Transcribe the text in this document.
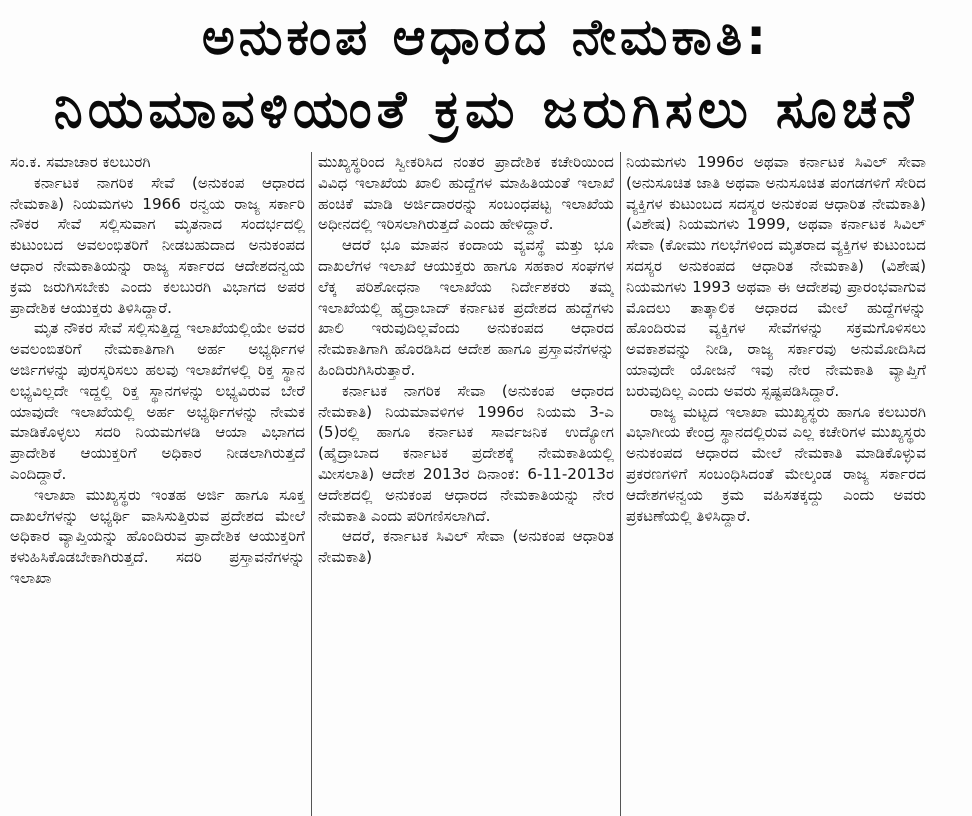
ಅನುಕಂಪ ಆಧಾರದ ನೇಮಕಾತಿ:
ನಿಯಮಾವಳಿಯಂತೆ ಕ್ರಮ ಜರುಗಿಸಲು ಸೂಚನೆ
ಸಂ.ಕ. ಸಮಾಚಾರ ಕಲಬುರಗಿ

ಕರ್ನಾಟಕ ನಾಗರಿಕ ಸೇವೆ (ಅನುಕಂಪ ಆಧಾರದ ನೇಮಕಾತಿ) ನಿಯಮಗಳು 1966 ರನ್ವಯ ರಾಜ್ಯ ಸರ್ಕಾರಿ ನೌಕರ ಸೇವೆ ಸಲ್ಲಿಸುವಾಗ ಮೃತನಾದ ಸಂದರ್ಭದಲ್ಲಿ ಕುಟುಂಬದ ಅವಲಂಭಿತರಿಗೆ ನೀಡಬಹುದಾದ ಅನುಕಂಪದ ಆಧಾರ ನೇಮಕಾತಿಯನ್ನು ರಾಜ್ಯ ಸರ್ಕಾರದ ಆದೇಶದನ್ವಯ ಕ್ರಮ ಜರುಗಿಸಬೇಕು ಎಂದು ಕಲಬುರಗಿ ವಿಭಾಗದ ಅಪರ ಪ್ರಾದೇಶಿಕ ಆಯುಕ್ತರು ತಿಳಿಸಿದ್ದಾರೆ.

ಮೃತ ನೌಕರ ಸೇವೆ ಸಲ್ಲಿಸುತ್ತಿದ್ದ ಇಲಾಖೆಯಲ್ಲಿಯೇ ಅವರ ಅವಲಂಬಿತರಿಗೆ ನೇಮಕಾತಿಗಾಗಿ ಅರ್ಹ ಅಭ್ಯರ್ಥಿಗಳ ಅರ್ಜಿಗಳನ್ನು ಪುರಸ್ಕರಿಸಲು ಹಲವು ಇಲಾಖೆಗಳಲ್ಲಿ ರಿಕ್ತ ಸ್ಥಾನ ಲಭ್ಯವಿಲ್ಲದೇ ಇದ್ದಲ್ಲಿ ರಿಕ್ತ ಸ್ಥಾನಗಳನ್ನು ಲಭ್ಯವಿರುವ ಬೇರೆ ಯಾವುದೇ ಇಲಾಖೆಯಲ್ಲಿ ಅರ್ಹ ಅಭ್ಯರ್ಥಿಗಳನ್ನು ನೇಮಕ ಮಾಡಿಕೊಳ್ಳಲು ಸದರಿ ನಿಯಮಗಳಡಿ ಆಯಾ ವಿಭಾಗದ ಪ್ರಾದೇಶಿಕ ಆಯುಕ್ತರಿಗೆ ಅಧಿಕಾರ ನೀಡಲಾಗಿರುತ್ತದೆ ಎಂದಿದ್ದಾರೆ.

ಇಲಾಖಾ ಮುಖ್ಯಸ್ಥರು ಇಂತಹ ಅರ್ಜಿ ಹಾಗೂ ಸೂಕ್ತ ದಾಖಲೆಗಳನ್ನು ಅಭ್ಯರ್ಥಿ ವಾಸಿಸುತ್ತಿರುವ ಪ್ರದೇಶದ ಮೇಲೆ ಅಧಿಕಾರ ವ್ಯಾಪ್ತಿಯನ್ನು ಹೊಂದಿರುವ ಪ್ರಾದೇಶಿಕ ಆಯುಕ್ತರಿಗೆ ಕಳುಹಿಸಿಕೊಡಬೇಕಾಗಿರುತ್ತದೆ. ಸದರಿ ಪ್ರಸ್ತಾವನೆಗಳನ್ನು ಇಲಾಖಾ

ಮುಖ್ಯಸ್ಥರಿಂದ ಸ್ವೀಕರಿಸಿದ ನಂತರ ಪ್ರಾದೇಶಿಕ ಕಚೇರಿಯಿಂದ ವಿವಿಧ ಇಲಾಖೆಯ ಖಾಲಿ ಹುದ್ದೆಗಳ ಮಾಹಿತಿಯಂತೆ ಇಲಾಖೆ ಹಂಚಿಕೆ ಮಾಡಿ ಅರ್ಜಿದಾರರನ್ನು ಸಂಬಂಧಪಟ್ಟ ಇಲಾಖೆಯ ಅಧೀನದಲ್ಲಿ ಇರಿಸಲಾಗಿರುತ್ತದೆ ಎಂದು ಹೇಳಿದ್ದಾರೆ.

ಆದರೆ ಭೂ ಮಾಪನ ಕಂದಾಯ ವ್ಯವಸ್ಥೆ ಮತ್ತು ಭೂ ದಾಖಲೆಗಳ ಇಲಾಖೆ ಆಯುಕ್ತರು ಹಾಗೂ ಸಹಕಾರ ಸಂಘಗಳ ಲೆಕ್ಕ ಪರಿಶೋಧನಾ ಇಲಾಖೆಯ ನಿರ್ದೇಶಕರು ತಮ್ಮ ಇಲಾಖೆಯಲ್ಲಿ ಹೈದ್ರಾಬಾದ್ ಕರ್ನಾಟಕ ಪ್ರದೇಶದ ಹುದ್ದೆಗಳು ಖಾಲಿ ಇರುವುದಿಲ್ಲವೆಂದು ಅನುಕಂಪದ ಆಧಾರದ ನೇಮಕಾತಿಗಾಗಿ ಹೊರಡಿಸಿದ ಆದೇಶ ಹಾಗೂ ಪ್ರಸ್ತಾವನೆಗಳನ್ನು ಹಿಂದಿರುಗಿಸಿರುತ್ತಾರೆ.

ಕರ್ನಾಟಕ ನಾಗರಿಕ ಸೇವಾ (ಅನುಕಂಪ ಆಧಾರದ ನೇಮಕಾತಿ) ನಿಯಮಾವಳಿಗಳ 1996ರ ನಿಯಮ 3-ಎ (5)ರಲ್ಲಿ ಹಾಗೂ ಕರ್ನಾಟಕ ಸಾರ್ವಜನಿಕ ಉದ್ಯೋಗ (ಹೈದ್ರಾಬಾದ ಕರ್ನಾಟಕ ಪ್ರದೇಶಕ್ಕೆ ನೇಮಕಾತಿಯಲ್ಲಿ ಮೀಸಲಾತಿ) ಆದೇಶ 2013ರ ದಿನಾಂಕ: 6-11-2013ರ ಆದೇಶದಲ್ಲಿ ಅನುಕಂಪ ಆಧಾರದ ನೇಮಕಾತಿಯನ್ನು ನೇರ ನೇಮಕಾತಿ ಎಂದು ಪರಿಗಣಿಸಲಾಗಿದೆ.

ಆದರೆ, ಕರ್ನಾಟಕ ಸಿವಿಲ್ ಸೇವಾ (ಅನುಕಂಪ ಆಧಾರಿತ ನೇಮಕಾತಿ)

ನಿಯಮಗಳು 1996ರ ಅಥವಾ ಕರ್ನಾಟಕ ಸಿವಿಲ್ ಸೇವಾ (ಅನುಸೂಚಿತ ಜಾತಿ ಅಥವಾ ಅನುಸೂಚಿತ ಪಂಗಡಗಳಿಗೆ ಸೇರಿದ ವ್ಯಕ್ತಿಗಳ ಕುಟುಂಬದ ಸದಸ್ಯರ ಅನುಕಂಪ ಆಧಾರಿತ ನೇಮಕಾತಿ) (ವಿಶೇಷ) ನಿಯಮಗಳು 1999, ಅಥವಾ ಕರ್ನಾಟಕ ಸಿವಿಲ್ ಸೇವಾ (ಕೋಮು ಗಲಭೆಗಳಿಂದ ಮೃತರಾದ ವ್ಯಕ್ತಿಗಳ ಕುಟುಂಬದ ಸದಸ್ಯರ ಅನುಕಂಪದ ಆಧಾರಿತ ನೇಮಕಾತಿ) (ವಿಶೇಷ) ನಿಯಮಗಳು 1993 ಅಥವಾ ಈ ಆದೇಶವು ಪ್ರಾರಂಭವಾಗುವ ಮೊದಲು ತಾತ್ಕಾಲಿಕ ಆಧಾರದ ಮೇಲೆ ಹುದ್ದೆಗಳನ್ನು ಹೊಂದಿರುವ ವ್ಯಕ್ತಿಗಳ ಸೇವೆಗಳನ್ನು ಸಕ್ರಮಗೊಳಿಸಲು ಅವಕಾಶವನ್ನು ನೀಡಿ, ರಾಜ್ಯ ಸರ್ಕಾರವು ಅನುಮೋದಿಸಿದ ಯಾವುದೇ ಯೋಜನೆ ಇವು ನೇರ ನೇಮಕಾತಿ ವ್ಯಾಪ್ತಿಗೆ ಬರುವುದಿಲ್ಲ ಎಂದು ಅವರು ಸ್ಪಷ್ಟಪಡಿಸಿದ್ದಾರೆ.

ರಾಜ್ಯ ಮಟ್ಟದ ಇಲಾಖಾ ಮುಖ್ಯಸ್ಥರು ಹಾಗೂ ಕಲಬುರಗಿ ವಿಭಾಗೀಯ ಕೇಂದ್ರ ಸ್ಥಾನದಲ್ಲಿರುವ ಎಲ್ಲ ಕಚೇರಿಗಳ ಮುಖ್ಯಸ್ಥರು ಅನುಕಂಪದ ಆಧಾರದ ಮೇಲೆ ನೇಮಕಾತಿ ಮಾಡಿಕೊಳ್ಳುವ ಪ್ರಕರಣಗಳಿಗೆ ಸಂಬಂಧಿಸಿದಂತೆ ಮೇಲ್ಕಂಡ ರಾಜ್ಯ ಸರ್ಕಾರದ ಆದೇಶಗಳನ್ವಯ ಕ್ರಮ ವಹಿಸತಕ್ಕದ್ದು ಎಂದು ಅವರು ಪ್ರಕಟಣೆಯಲ್ಲಿ ತಿಳಿಸಿದ್ದಾರೆ.
